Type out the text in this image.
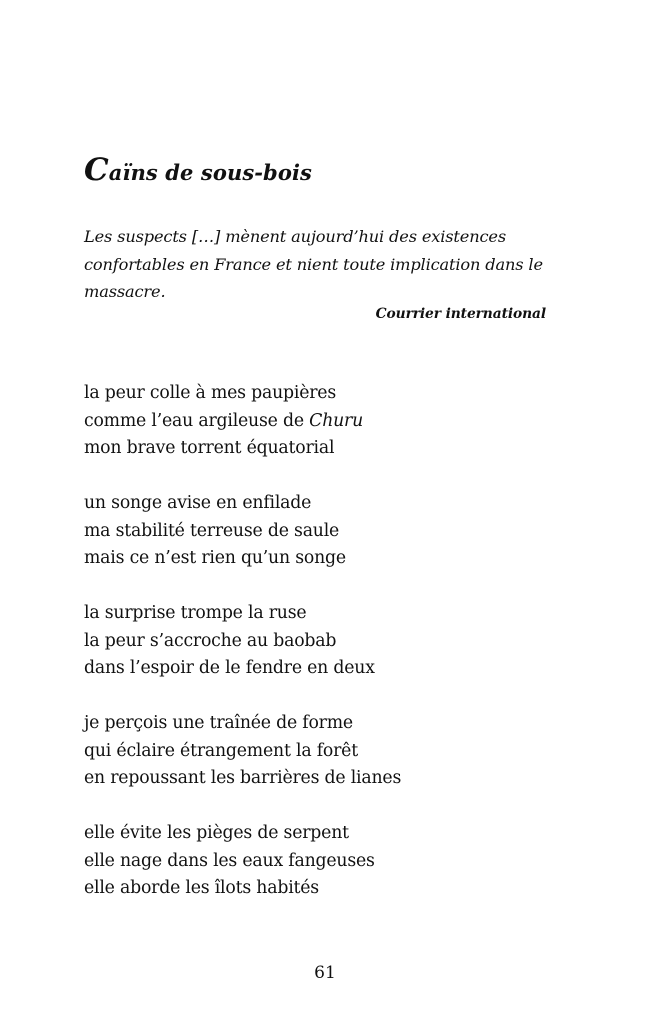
Caïns de sous-bois
Les suspects […] mènent aujourd’hui des existences
confortables en France et nient toute implication dans le
massacre.
Courrier international
la peur colle à mes paupières
comme l’eau argileuse de Churu
mon brave torrent équatorial
un songe avise en enfilade
ma stabilité terreuse de saule
mais ce n’est rien qu’un songe
la surprise trompe la ruse
la peur s’accroche au baobab
dans l’espoir de le fendre en deux
je perçois une traînée de forme
qui éclaire étrangement la forêt
en repoussant les barrières de lianes
elle évite les pièges de serpent
elle nage dans les eaux fangeuses
elle aborde les îlots habités
61
